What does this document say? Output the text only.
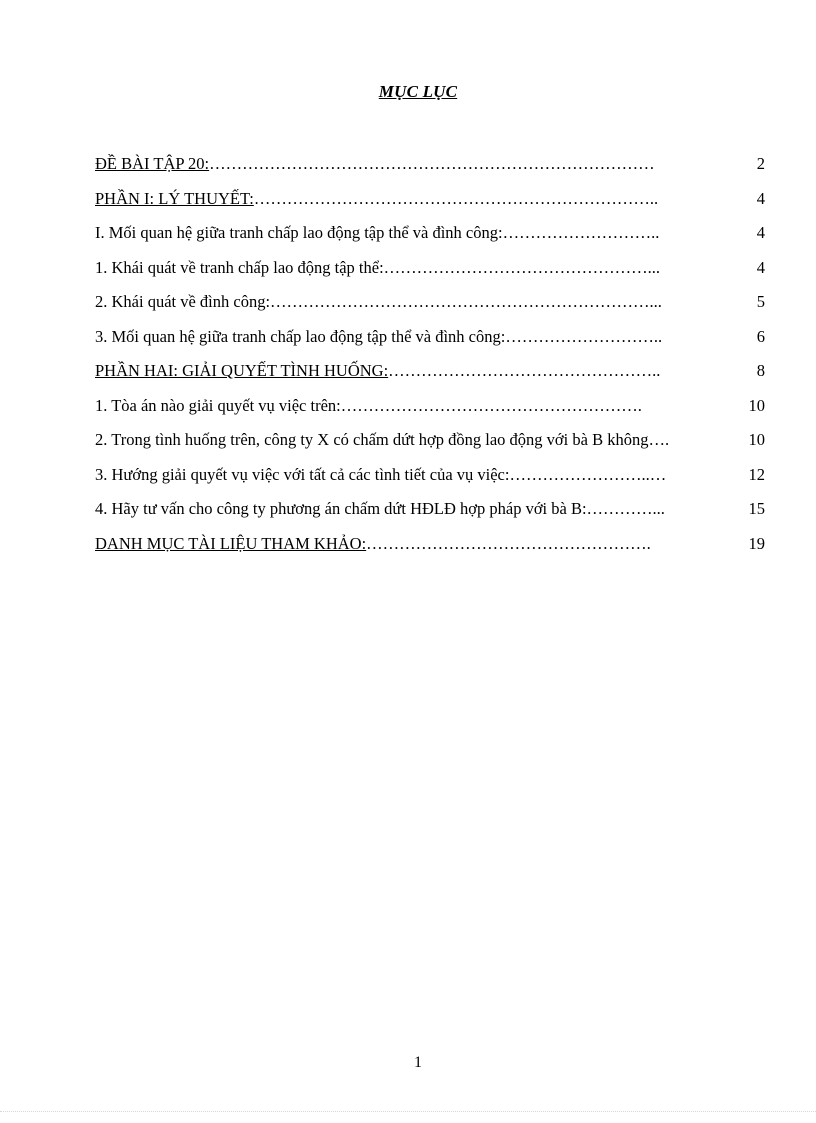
MỤC LỤC
ĐỀ BÀI TẬP 20: ………………………………………………………………………	2
PHẦN I: LÝ THUYẾT: ………………………………………………………………..	4
I. Mối quan hệ giữa tranh chấp lao động tập thể và đình công: ………………………..	4
1. Khái quát về tranh chấp lao động tập thể: …………………………………………...	4
2. Khái quát về đình công: ……………………………………………………………...	5
3. Mối quan hệ giữa tranh chấp lao động tập thể và đình công: ………………………..	6
PHẦN HAI: GIẢI QUYẾT TÌNH HUỐNG: …………………………………………..	8
1. Tòa án nào giải quyết vụ việc trên: ……………………………………………….	10
2. Trong tình huống trên, công ty X có chấm dứt hợp đồng lao động với bà B không ….	10
3. Hướng giải quyết vụ việc với tất cả các tình tiết của vụ việc: ……………………..…	12
4. Hãy tư vấn cho công ty phương án chấm dứt HĐLĐ hợp pháp với bà B: …………...	15
DANH MỤC TÀI LIỆU THAM KHẢO: …………………………………………….	19
1
